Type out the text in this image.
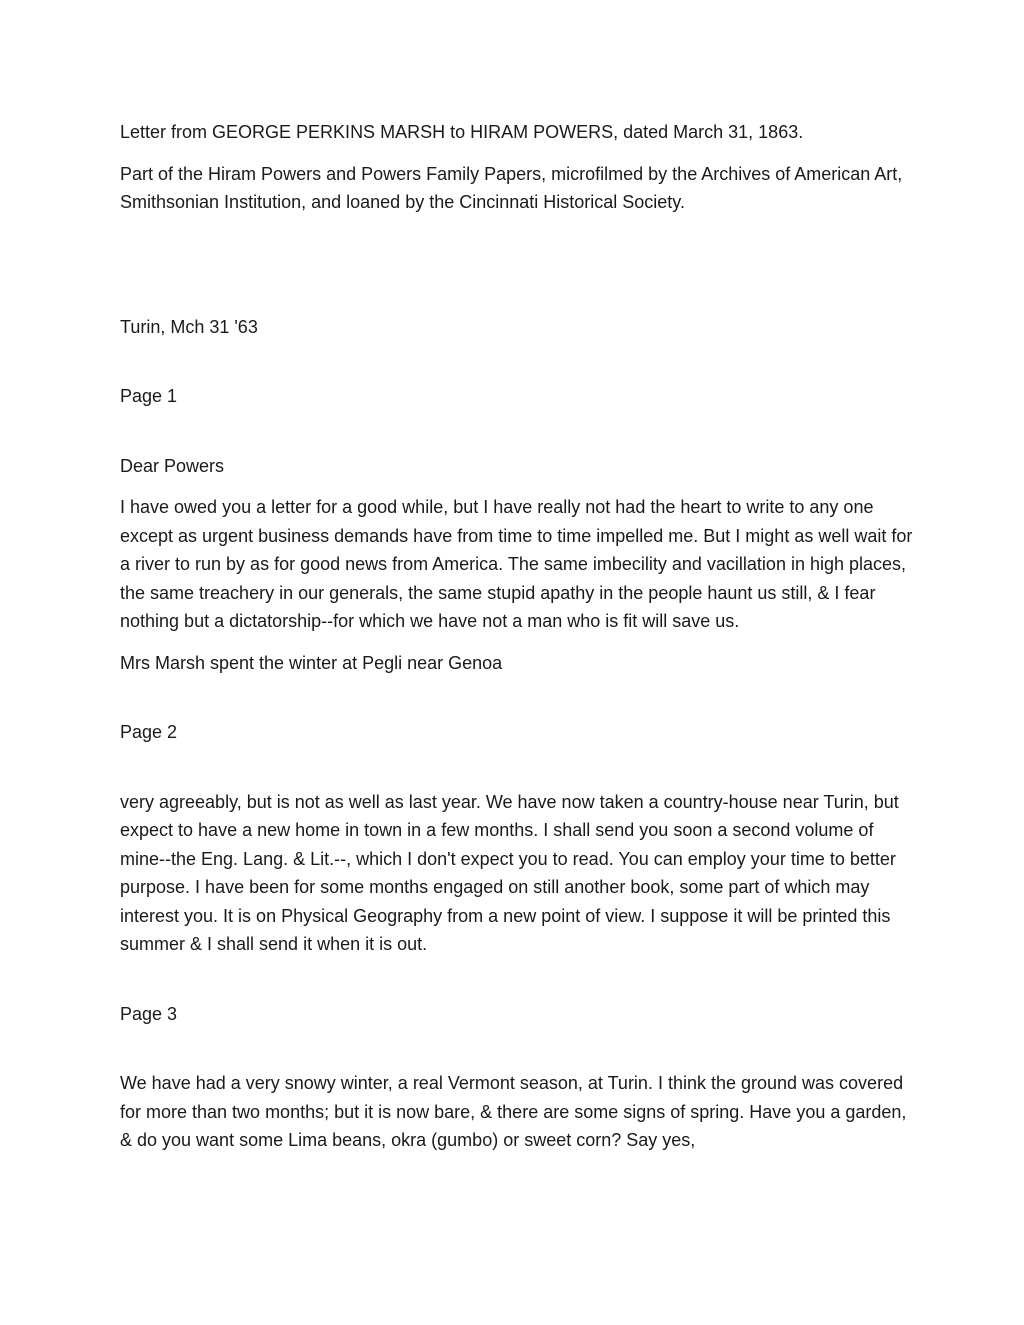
Letter from GEORGE PERKINS MARSH to HIRAM POWERS, dated March 31, 1863.

Part of the Hiram Powers and Powers Family Papers, microfilmed by the Archives of American Art, Smithsonian Institution, and loaned by the Cincinnati Historical Society.

Turin, Mch 31 '63

Page 1

Dear Powers

I have owed you a letter for a good while, but I have really not had the heart to write to any one except as urgent business demands have from time to time impelled me. But I might as well wait for a river to run by as for good news from America. The same imbecility and vacillation in high places, the same treachery in our generals, the same stupid apathy in the people haunt us still, & I fear nothing but a dictatorship--for which we have not a man who is fit will save us.

Mrs Marsh spent the winter at Pegli near Genoa

Page 2

very agreeably, but is not as well as last year. We have now taken a country-house near Turin, but expect to have a new home in town in a few months. I shall send you soon a second volume of mine--the Eng. Lang. & Lit.--, which I don't expect you to read. You can employ your time to better purpose. I have been for some months engaged on still another book, some part of which may interest you. It is on Physical Geography from a new point of view. I suppose it will be printed this summer & I shall send it when it is out.

Page 3

We have had a very snowy winter, a real Vermont season, at Turin. I think the ground was covered for more than two months; but it is now bare, & there are some signs of spring. Have you a garden, & do you want some Lima beans, okra (gumbo) or sweet corn? Say yes,
